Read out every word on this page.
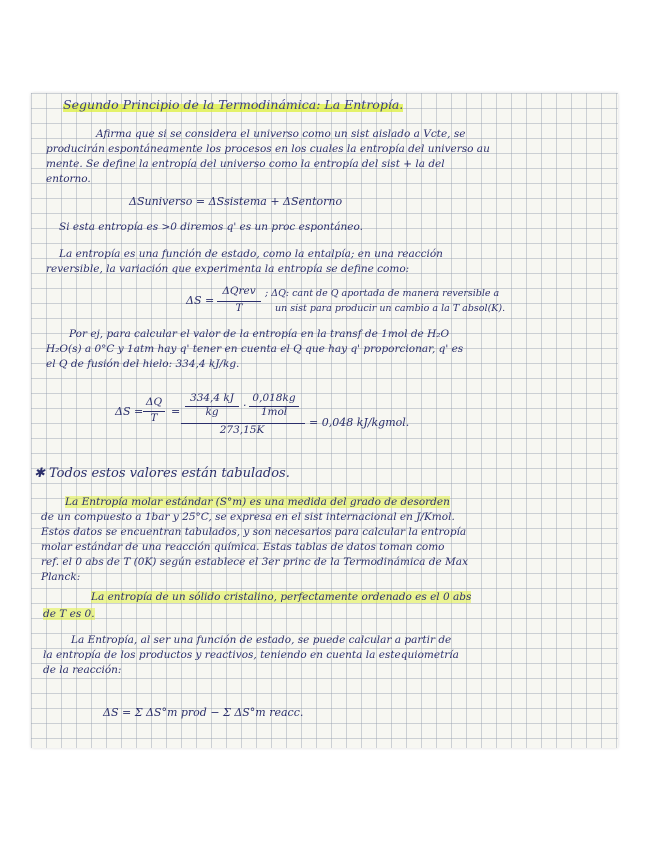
Segundo Principio de la Termodinámica: La Entropía.
Afirma que si se considera el universo como un sist aislado a Vcte, se
producirán espontáneamente los procesos en los cuales la entropía del universo au
mente. Se define la entropía del universo como la entropía del sist + la del
entorno.
ΔSuniverso = ΔSsistema + ΔSentorno
Si esta entropía es >0 diremos q' es un proc espontáneo.
La entropía es una función de estado, como la entalpía; en una reacción
reversible, la variación que experimenta la entropía se define como:
ΔS =
ΔQrev
T
; ΔQ: cant de Q aportada de manera reversible a
un sist para producir un cambio a la T absol(K).
Por ej, para calcular el valor de la entropía en la transf de 1mol de H₂O
H₂O(s) a 0°C y 1atm hay q' tener en cuenta el Q que hay q' proporcionar, q' es
el Q de fusión del hielo: 334,4 kJ/kg.
ΔS =
ΔQ
T	=
334,4 kJ
kg	·
0,018kg
1mol
273,15K
= 0,048 kJ/kgmol.
✱ Todos estos valores están tabulados.
La Entropía molar estándar (S°m) es una medida del grado de desorden
de un compuesto a 1bar y 25°C, se expresa en el sist internacional en J/Kmol.
Estos datos se encuentran tabulados, y son necesarios para calcular la entropía
molar estándar de una reacción química. Estas tablas de datos toman como
ref. el 0 abs de T (0K) según establece el 3er princ de la Termodinámica de Max
Planck:
La entropía de un sólido cristalino, perfectamente ordenado es el 0 abs
de T es 0.
La Entropía, al ser una función de estado, se puede calcular a partir de
la entropía de los productos y reactivos, teniendo en cuenta la estequiometría
de la reacción:
ΔS = Σ ΔS°m prod − Σ ΔS°m reacc.
